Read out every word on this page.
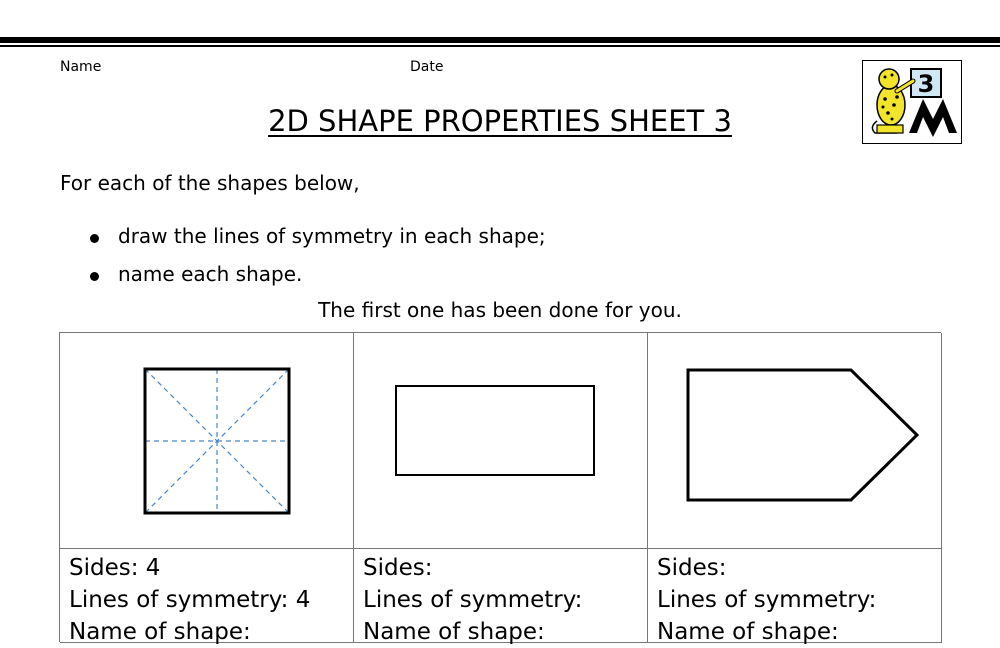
Name	Date
3
2D SHAPE PROPERTIES SHEET 3
For each of the shapes below,
draw the lines of symmetry in each shape;
name each shape.
The first one has been done for you.
Sides: 4
Lines of symmetry: 4
Name of shape:
Sides:
Lines of symmetry:
Name of shape:
Sides:
Lines of symmetry:
Name of shape:
